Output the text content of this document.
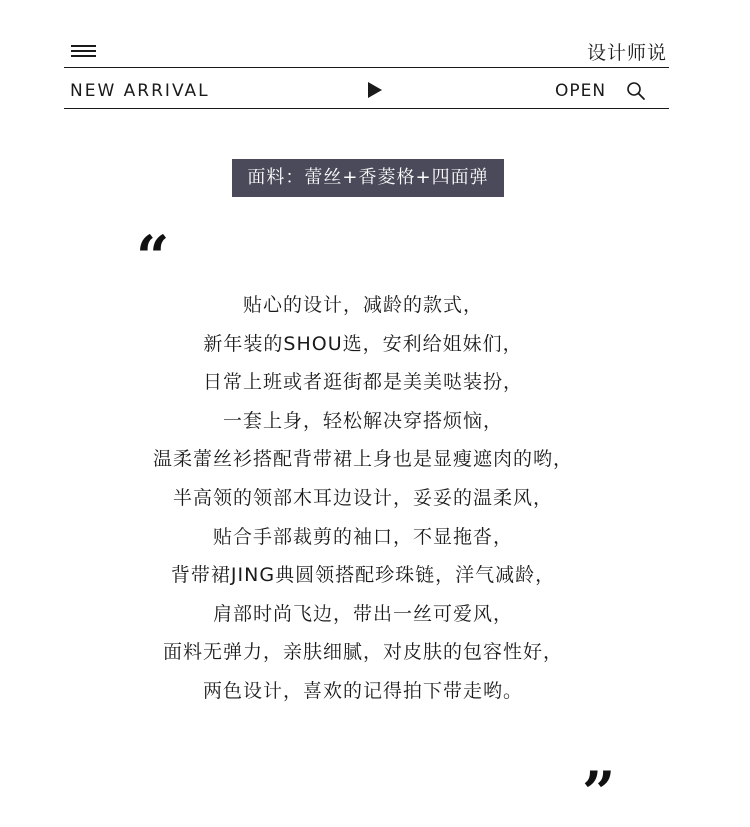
设计师说
NEW ARRIVAL	OPEN
面料：蕾丝+香菱格+四面弹
“
贴心的设计，减龄的款式，
新年装的SHOU选，安利给姐妹们，
日常上班或者逛街都是美美哒装扮，
一套上身，轻松解决穿搭烦恼，
温柔蕾丝衫搭配背带裙上身也是显瘦遮肉的哟，
半高领的领部木耳边设计，妥妥的温柔风，
贴合手部裁剪的袖口，不显拖沓，
背带裙JING典圆领搭配珍珠链，洋气减龄，
肩部时尚飞边，带出一丝可爱风，
面料无弹力，亲肤细腻，对皮肤的包容性好，
两色设计，喜欢的记得拍下带走哟。
”
